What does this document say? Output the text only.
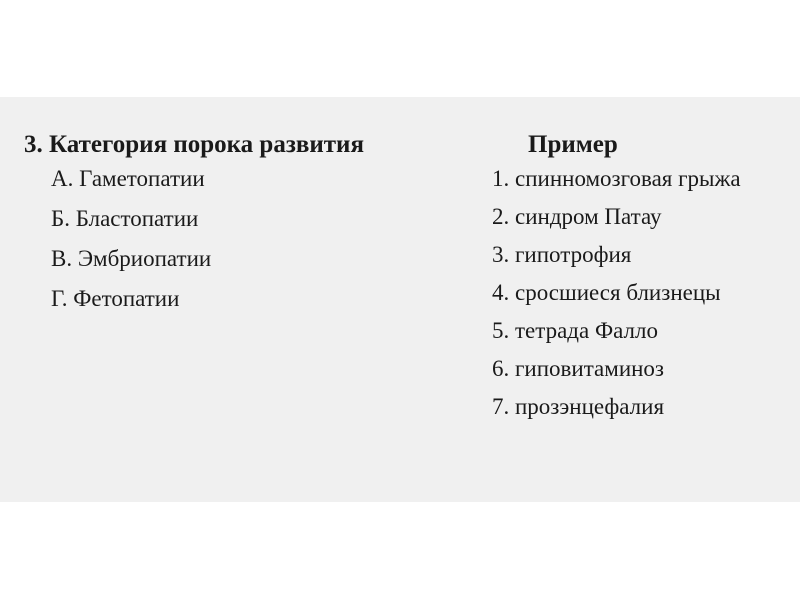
3. Категория порока развития
А. Гаметопатии
Б. Бластопатии
В. Эмбриопатии
Г. Фетопатии
Пример
1. спинномозговая грыжа
2. синдром Патау
3. гипотрофия
4. сросшиеся близнецы
5. тетрада Фалло
6. гиповитаминоз
7. прозэнцефалия
